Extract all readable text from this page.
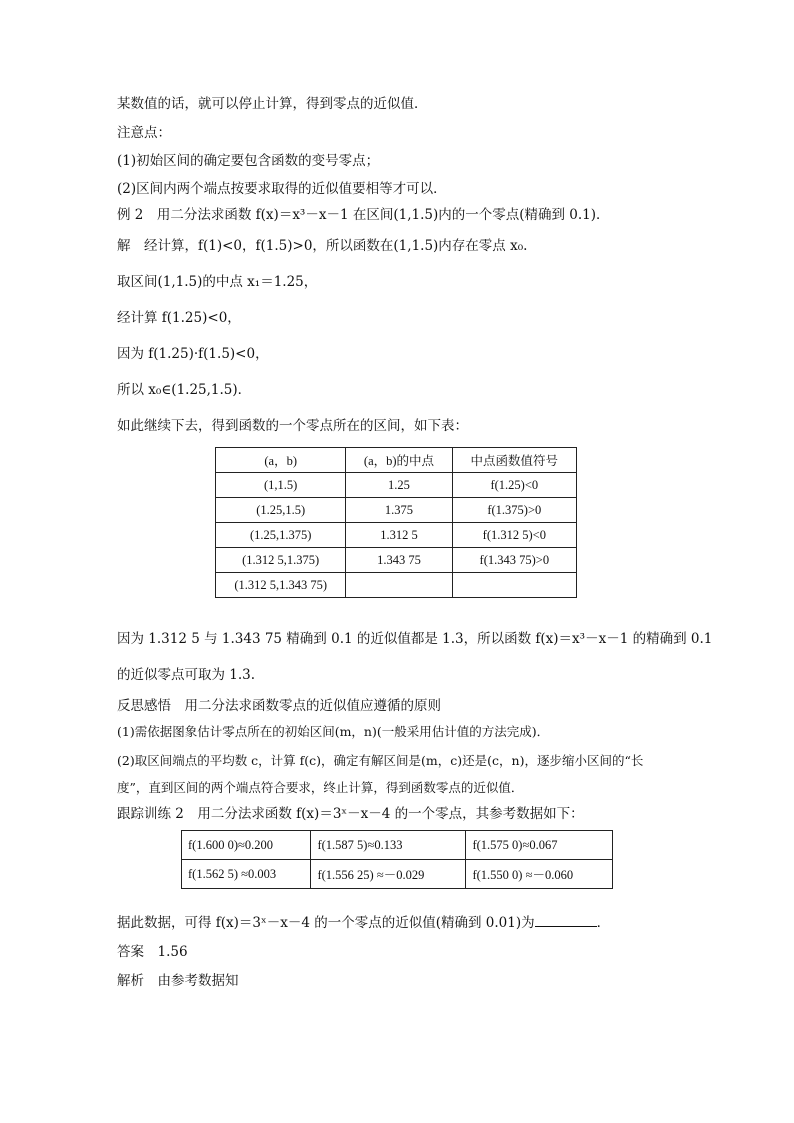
某数值的话，就可以停止计算，得到零点的近似值．
注意点：
(1)初始区间的确定要包含函数的变号零点；
(2)区间内两个端点按要求取得的近似值要相等才可以．
例 2　用二分法求函数 f(x)＝x³－x－1 在区间(1,1.5)内的一个零点(精确到 0.1)．
解　经计算，f(1)<0，f(1.5)>0，所以函数在(1,1.5)内存在零点 x₀.
取区间(1,1.5)的中点 x₁＝1.25，
经计算 f(1.25)<0，
因为 f(1.25)·f(1.5)<0，
所以 x₀∈(1.25,1.5)．
如此继续下去，得到函数的一个零点所在的区间，如下表：
(a，b)	(a，b)的中点	中点函数值符号
(1,1.5)	1.25	f(1.25)<0
(1.25,1.5)	1.375	f(1.375)>0
(1.25,1.375)	1.312 5	f(1.312 5)<0
(1.312 5,1.375)	1.343 75	f(1.343 75)>0
(1.312 5,1.343 75)		
因为 1.312 5 与 1.343 75 精确到 0.1 的近似值都是 1.3，所以函数 f(x)＝x³－x－1 的精确到 0.1
的近似零点可取为 1.3.
反思感悟　用二分法求函数零点的近似值应遵循的原则
(1)需依据图象估计零点所在的初始区间(m，n)(一般采用估计值的方法完成)．
(2)取区间端点的平均数 c，计算 f(c)，确定有解区间是(m，c)还是(c，n)，逐步缩小区间的“长
度”，直到区间的两个端点符合要求，终止计算，得到函数零点的近似值．
跟踪训练 2　用二分法求函数 f(x)＝3ˣ－x－4 的一个零点，其参考数据如下：
f(1.600 0)≈0.200	f(1.587 5)≈0.133	f(1.575 0)≈0.067
f(1.562 5) ≈0.003	f(1.556 25) ≈－0.029	f(1.550 0) ≈－0.060
据此数据，可得 f(x)＝3ˣ－x－4 的一个零点的近似值(精确到 0.01)为	．
答案　1.56
解析　由参考数据知
